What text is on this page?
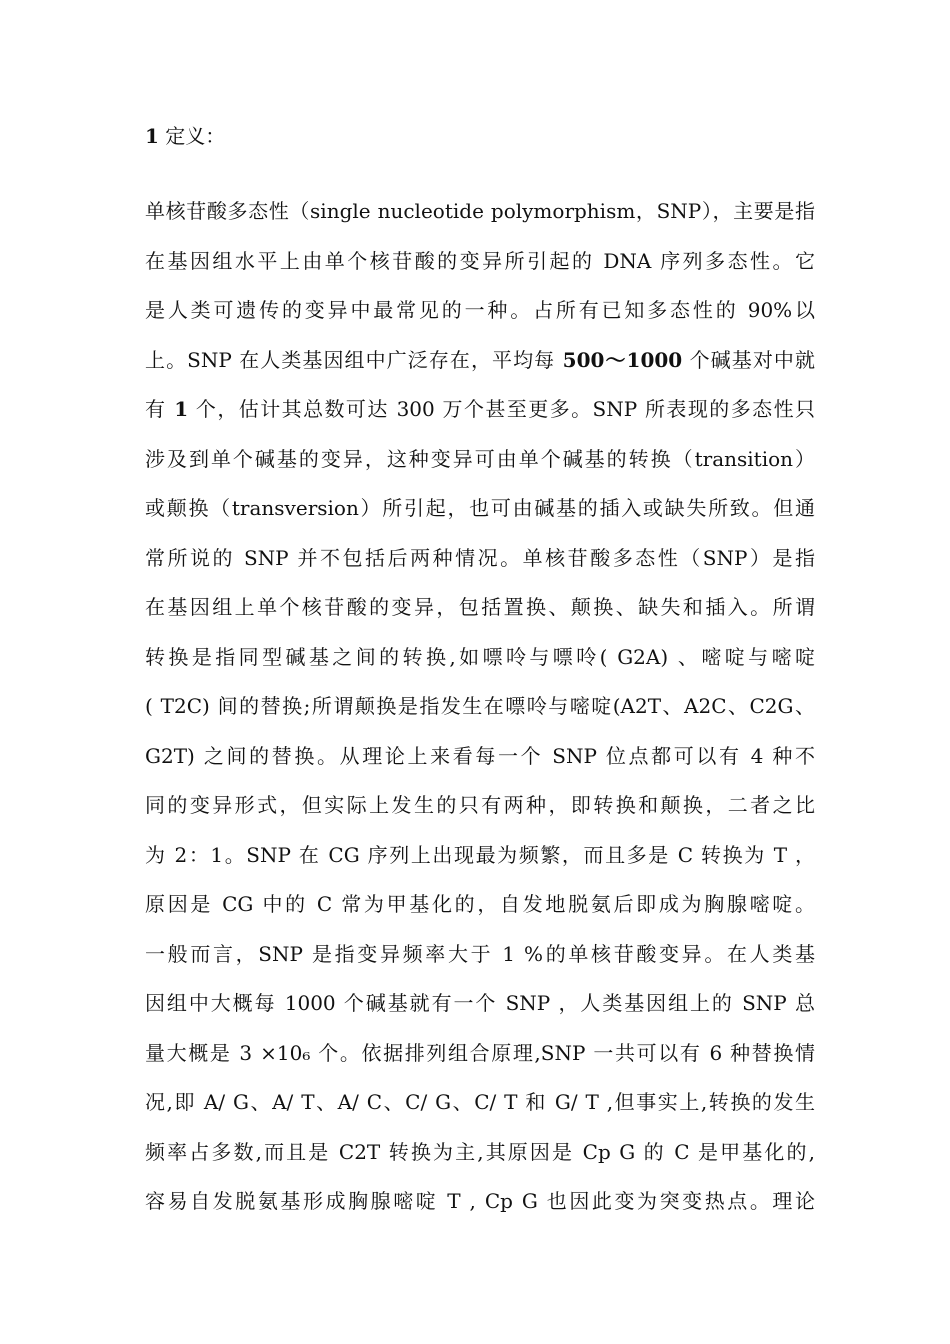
1 定义：
单核苷酸多态性（single nucleotide polymorphism，SNP），主要是指
在基因组水平上由单个核苷酸的变异所引起的 DNA 序列多态性。它
是人类可遗传的变异中最常见的一种。占所有已知多态性的 90%以
上。SNP 在人类基因组中广泛存在，平均每 500～1000 个碱基对中就
有 1 个，估计其总数可达 300 万个甚至更多。SNP 所表现的多态性只
涉及到单个碱基的变异，这种变异可由单个碱基的转换（transition）
或颠换（transversion）所引起，也可由碱基的插入或缺失所致。但通
常所说的 SNP 并不包括后两种情况。单核苷酸多态性（SNP）是指
在基因组上单个核苷酸的变异，包括置换、颠换、缺失和插入。所谓
转换是指同型碱基之间的转换,如嘌呤与嘌呤( G2A) 、嘧啶与嘧啶
( T2C) 间的替换;所谓颠换是指发生在嘌呤与嘧啶(A2T、A2C、C2G、
G2T) 之间的替换。从理论上来看每一个 SNP 位点都可以有 4 种不
同的变异形式，但实际上发生的只有两种，即转换和颠换，二者之比
为 2：1。SNP 在 CG 序列上出现最为频繁，而且多是 C 转换为 T ，
原因是 CG 中的 C 常为甲基化的，自发地脱氨后即成为胸腺嘧啶。
一般而言，SNP 是指变异频率大于 1 %的单核苷酸变异。在人类基
因组中大概每 1000 个碱基就有一个 SNP ，人类基因组上的 SNP 总
量大概是 3 ×10₆ 个。依据排列组合原理,SNP 一共可以有 6 种替换情
况,即 A/ G、A/ T、A/ C、C/ G、C/ T 和 G/ T ,但事实上,转换的发生
频率占多数,而且是 C2T 转换为主,其原因是 Cp G 的 C 是甲基化的,
容易自发脱氨基形成胸腺嘧啶 T , Cp G 也因此变为突变热点。理论
